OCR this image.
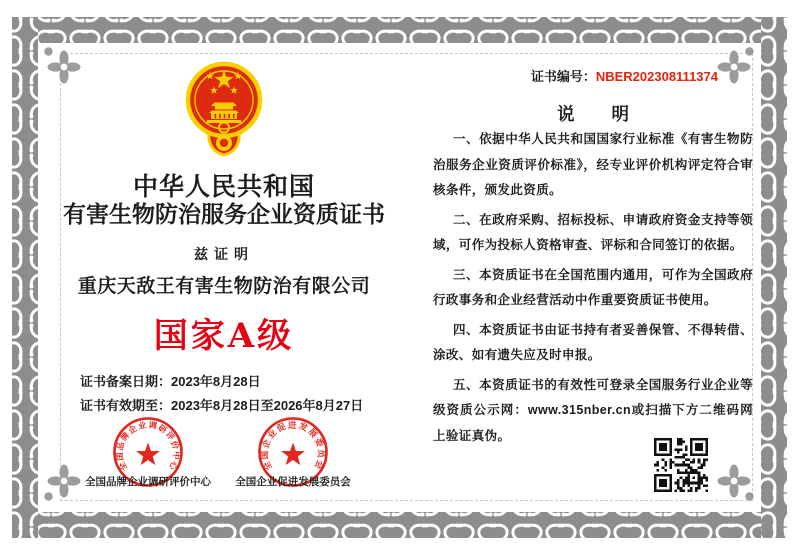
中华人民共和国
有害生物防治服务企业资质证书
兹证明
重庆天敌王有害生物防治有限公司
国家A级
证书备案日期：2023年8月28日
证书有效期至：2023年8月28日至2026年8月27日
全国品牌企业调研评价中心	全国企业促进发展委员会
全国品牌企业调研评价中心	全国企业促进发展委员会
证书编号：NBER202308111374
说 明

一、依据中华人民共和国国家行业标准《有害生物防治服务企业资质评价标准》，经专业评价机构评定符合审核条件，颁发此资质。

二、在政府采购、招标投标、申请政府资金支持等领域，可作为投标人资格审查、评标和合同签订的依据。

三、本资质证书在全国范围内通用，可作为全国政府行政事务和企业经营活动中作重要资质证书使用。

四、本资质证书由证书持有者妥善保管、不得转借、涂改、如有遗失应及时申报。

五、本资质证书的有效性可登录全国服务行业企业等级资质公示网：www.315nber.cn或扫描下方二维码网上验证真伪。
